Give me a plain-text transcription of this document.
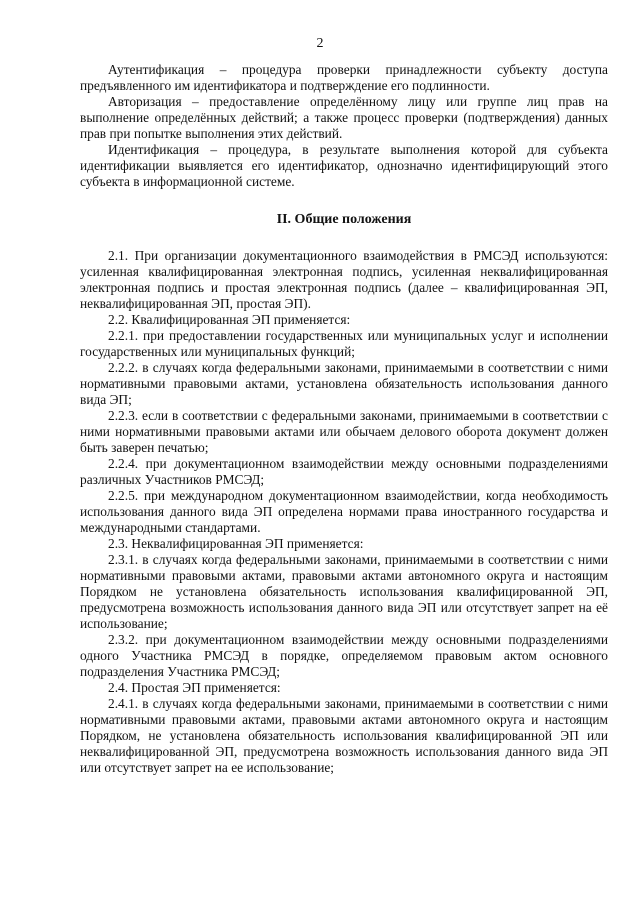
2

Аутентификация – процедура проверки принадлежности субъекту доступа предъявленного им идентификатора и подтверждение его подлинности.

Авторизация – предоставление определённому лицу или группе лиц прав на выполнение определённых действий; а также процесс проверки (подтверждения) данных прав при попытке выполнения этих действий.

Идентификация – процедура, в результате выполнения которой для субъекта идентификации выявляется его идентификатор, однозначно идентифицирующий этого субъекта в информационной системе.

II. Общие положения

2.1. При организации документационного взаимодействия в РМСЭД используются: усиленная квалифицированная электронная подпись, усиленная неквалифицированная электронная подпись и простая электронная подпись (далее – квалифицированная ЭП, неквалифицированная ЭП, простая ЭП).

2.2. Квалифицированная ЭП применяется:

2.2.1. при предоставлении государственных или муниципальных услуг и исполнении государственных или муниципальных функций;

2.2.2. в случаях когда федеральными законами, принимаемыми в соответствии с ними нормативными правовыми актами, установлена обязательность использования данного вида ЭП;

2.2.3. если в соответствии с федеральными законами, принимаемыми в соответствии с ними нормативными правовыми актами или обычаем делового оборота документ должен быть заверен печатью;

2.2.4. при документационном взаимодействии между основными подразделениями различных Участников РМСЭД;

2.2.5. при международном документационном взаимодействии, когда необходимость использования данного вида ЭП определена нормами права иностранного государства и международными стандартами.

2.3. Неквалифицированная ЭП применяется:

2.3.1. в случаях когда федеральными законами, принимаемыми в соответствии с ними нормативными правовыми актами, правовыми актами автономного округа и настоящим Порядком не установлена обязательность использования квалифицированной ЭП, предусмотрена возможность использования данного вида ЭП или отсутствует запрет на её использование;

2.3.2. при документационном взаимодействии между основными подразделениями одного Участника РМСЭД в порядке, определяемом правовым актом основного подразделения Участника РМСЭД;

2.4. Простая ЭП применяется:

2.4.1. в случаях когда федеральными законами, принимаемыми в соответствии с ними нормативными правовыми актами, правовыми актами автономного округа и настоящим Порядком, не установлена обязательность использования квалифицированной ЭП или неквалифицированной ЭП, предусмотрена возможность использования данного вида ЭП или отсутствует запрет на ее использование;
